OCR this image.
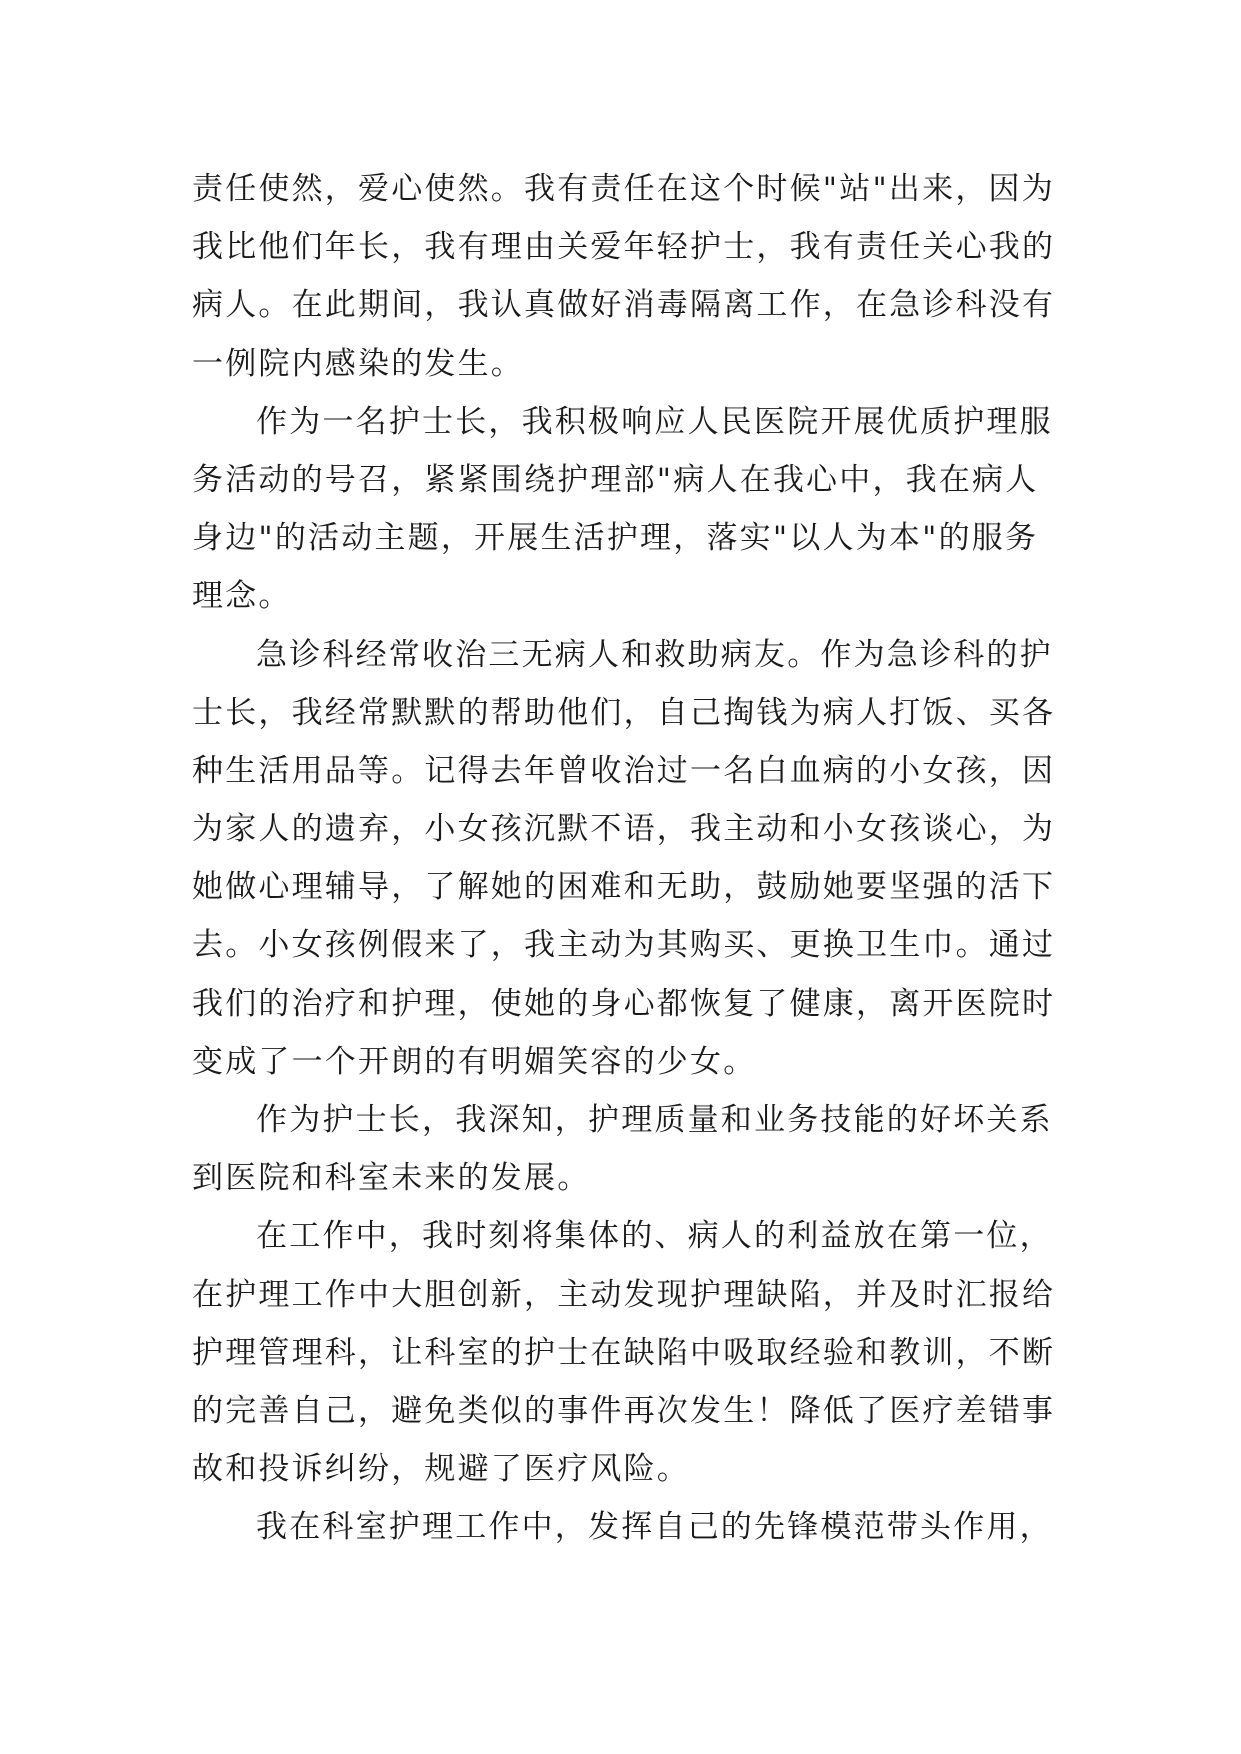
责任使然，爱心使然。我有责任在这个时候"站"出来，因为
我比他们年长，我有理由关爱年轻护士，我有责任关心我的
病人。在此期间，我认真做好消毒隔离工作，在急诊科没有
一例院内感染的发生。
作为一名护士长，我积极响应人民医院开展优质护理服
务活动的号召，紧紧围绕护理部"病人在我心中，我在病人
身边"的活动主题，开展生活护理，落实"以人为本"的服务
理念。
急诊科经常收治三无病人和救助病友。作为急诊科的护
士长，我经常默默的帮助他们，自己掏钱为病人打饭、买各
种生活用品等。记得去年曾收治过一名白血病的小女孩，因
为家人的遗弃，小女孩沉默不语，我主动和小女孩谈心，为
她做心理辅导，了解她的困难和无助，鼓励她要坚强的活下
去。小女孩例假来了，我主动为其购买、更换卫生巾。通过
我们的治疗和护理，使她的身心都恢复了健康，离开医院时
变成了一个开朗的有明媚笑容的少女。
作为护士长，我深知，护理质量和业务技能的好坏关系
到医院和科室未来的发展。
在工作中，我时刻将集体的、病人的利益放在第一位，
在护理工作中大胆创新，主动发现护理缺陷，并及时汇报给
护理管理科，让科室的护士在缺陷中吸取经验和教训，不断
的完善自己，避免类似的事件再次发生！降低了医疗差错事
故和投诉纠纷，规避了医疗风险。
我在科室护理工作中，发挥自己的先锋模范带头作用，
